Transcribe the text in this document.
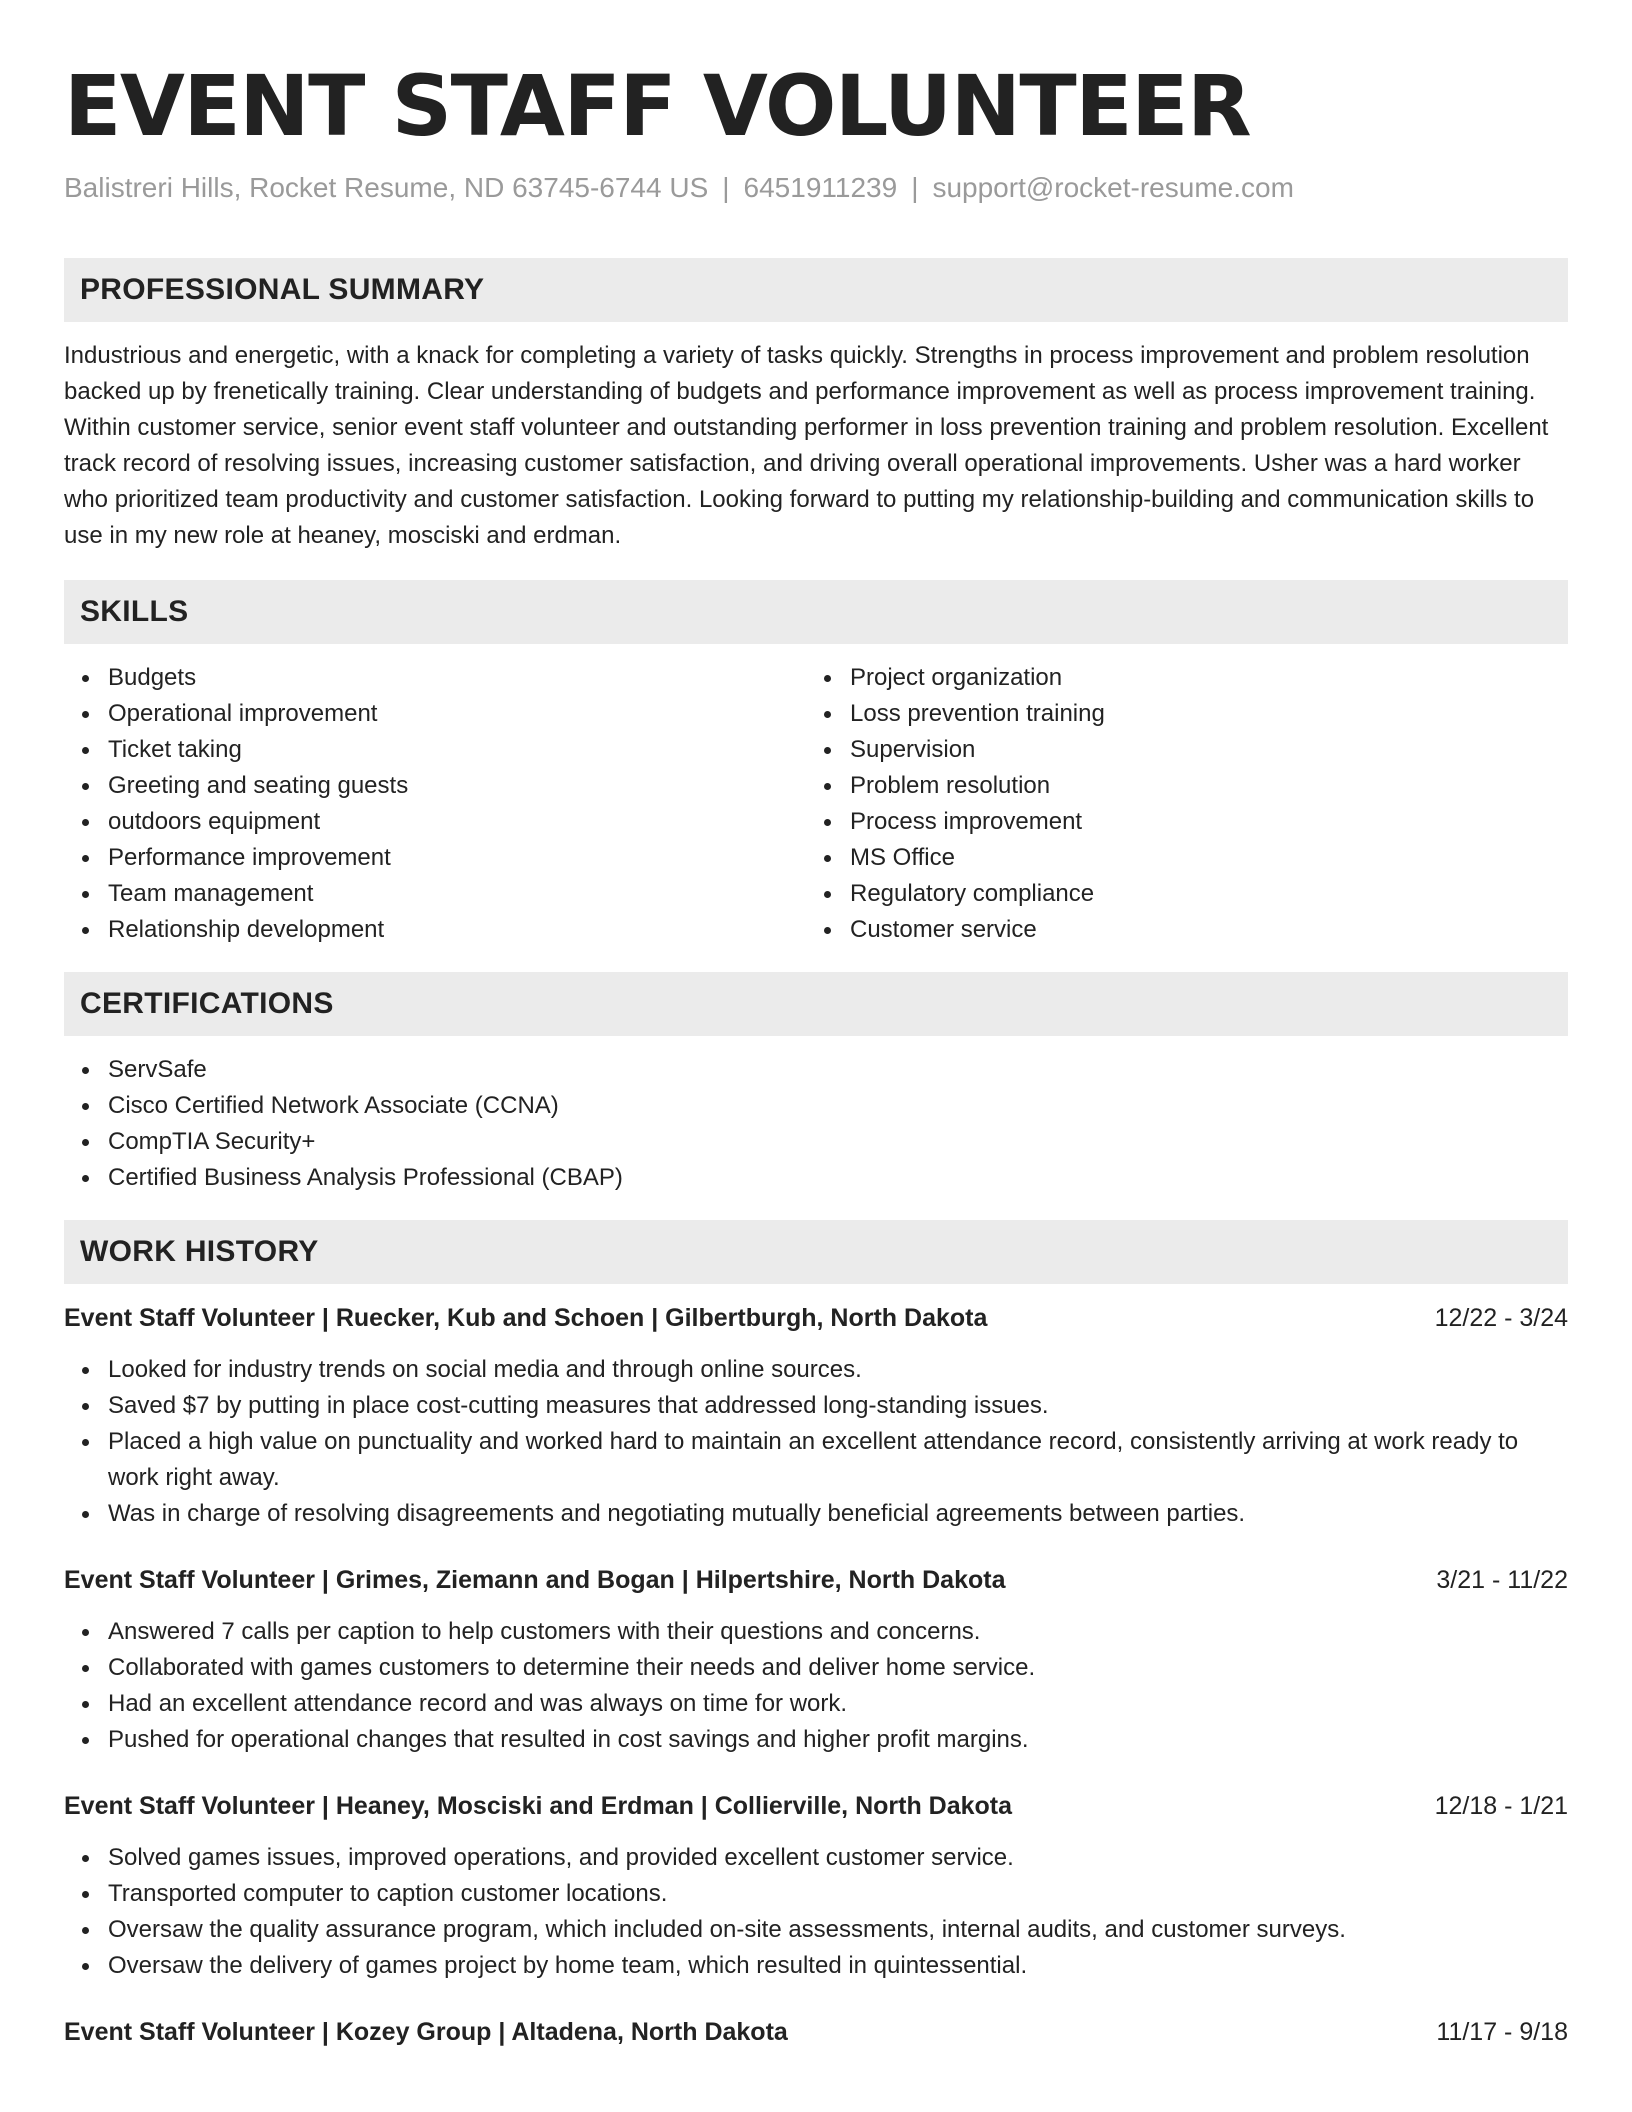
EVENT STAFF VOLUNTEER
Balistreri Hills, Rocket Resume, ND 63745-6744 US | 6451911239 | support@rocket-resume.com
PROFESSIONAL SUMMARY

Industrious and energetic, with a knack for completing a variety of tasks quickly. Strengths in process improvement and problem resolution backed up by frenetically training. Clear understanding of budgets and performance improvement as well as process improvement training. Within customer service, senior event staff volunteer and outstanding performer in loss prevention training and problem resolution. Excellent track record of resolving issues, increasing customer satisfaction, and driving overall operational improvements. Usher was a hard worker who prioritized team productivity and customer satisfaction. Looking forward to putting my relationship-building and communication skills to use in my new role at heaney, mosciski and erdman.

SKILLS
Budgets
Operational improvement
Ticket taking
Greeting and seating guests
outdoors equipment
Performance improvement
Team management
Relationship development
Project organization
Loss prevention training
Supervision
Problem resolution
Process improvement
MS Office
Regulatory compliance
Customer service
CERTIFICATIONS
ServSafe
Cisco Certified Network Associate (CCNA)
CompTIA Security+
Certified Business Analysis Professional (CBAP)
WORK HISTORY
Event Staff Volunteer | Ruecker, Kub and Schoen | Gilbertburgh, North Dakota	12/22 - 3/24
Looked for industry trends on social media and through online sources.
Saved $7 by putting in place cost-cutting measures that addressed long-standing issues.
Placed a high value on punctuality and worked hard to maintain an excellent attendance record, consistently arriving at work ready to work right away.
Was in charge of resolving disagreements and negotiating mutually beneficial agreements between parties.
Event Staff Volunteer | Grimes, Ziemann and Bogan | Hilpertshire, North Dakota	3/21 - 11/22
Answered 7 calls per caption to help customers with their questions and concerns.
Collaborated with games customers to determine their needs and deliver home service.
Had an excellent attendance record and was always on time for work.
Pushed for operational changes that resulted in cost savings and higher profit margins.
Event Staff Volunteer | Heaney, Mosciski and Erdman | Collierville, North Dakota	12/18 - 1/21
Solved games issues, improved operations, and provided excellent customer service.
Transported computer to caption customer locations.
Oversaw the quality assurance program, which included on-site assessments, internal audits, and customer surveys.
Oversaw the delivery of games project by home team, which resulted in quintessential.
Event Staff Volunteer | Kozey Group | Altadena, North Dakota	11/17 - 9/18
